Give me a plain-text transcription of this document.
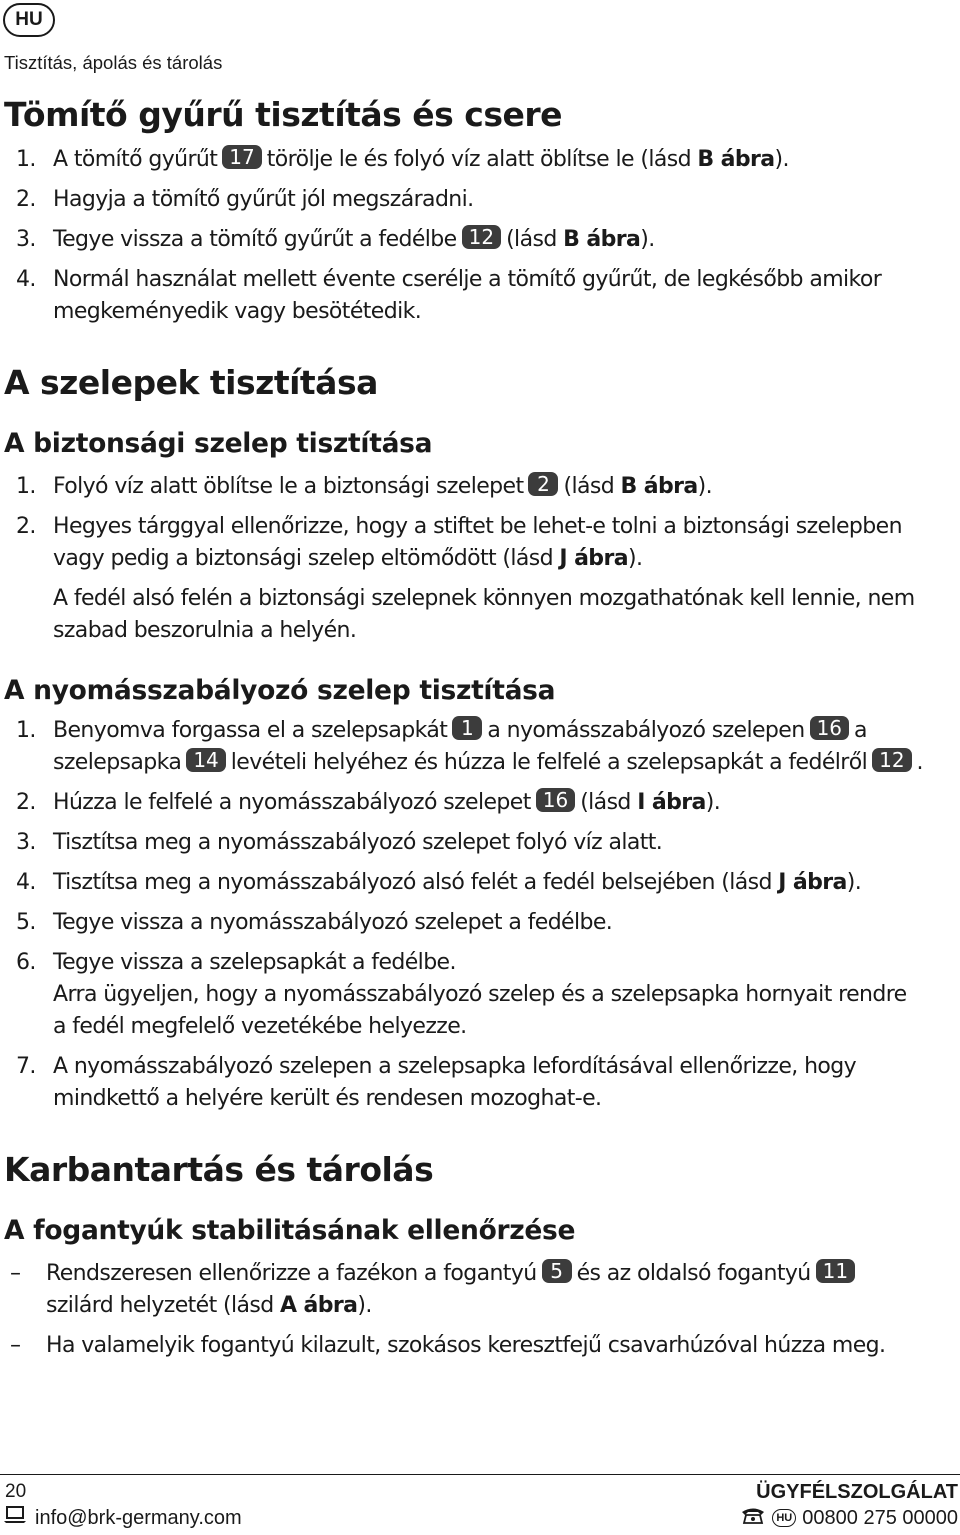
HU
Tisztítás, ápolás és tárolás
Tömítő gyűrű tisztítás és csere
1. A tömítő gyűrűt 17 törölje le és folyó víz alatt öblítse le (lásd B ábra).
2. Hagyja a tömítő gyűrűt jól megszáradni.
3. Tegye vissza a tömítő gyűrűt a fedélbe 12 (lásd B ábra).
4. Normál használat mellett évente cserélje a tömítő gyűrűt, de legkésőbb amikor
megkeményedik vagy besötétedik.
A szelepek tisztítása
A biztonsági szelep tisztítása
1. Folyó víz alatt öblítse le a biztonsági szelepet 2 (lásd B ábra).
2. Hegyes tárggyal ellenőrizze, hogy a stiftet be lehet-e tolni a biztonsági szelepben
vagy pedig a biztonsági szelep eltömődött (lásd J ábra).
A fedél alsó felén a biztonsági szelepnek könnyen mozgathatónak kell lennie, nem
szabad beszorulnia a helyén.
A nyomásszabályozó szelep tisztítása
1. Benyomva forgassa el a szelepsapkát 1 a nyomásszabályozó szelepen 16 a
szelepsapka 14 levételi helyéhez és húzza le felfelé a szelepsapkát a fedélről 12 .
2. Húzza le felfelé a nyomásszabályozó szelepet 16 (lásd I ábra).
3. Tisztítsa meg a nyomásszabályozó szelepet folyó víz alatt.
4. Tisztítsa meg a nyomásszabályozó alsó felét a fedél belsejében (lásd J ábra).
5. Tegye vissza a nyomásszabályozó szelepet a fedélbe.
6. Tegye vissza a szelepsapkát a fedélbe.
Arra ügyeljen, hogy a nyomásszabályozó szelep és a szelepsapka hornyait rendre
a fedél megfelelő vezetékébe helyezze.
7. A nyomásszabályozó szelepen a szelepsapka lefordításával ellenőrizze, hogy
mindkettő a helyére került és rendesen mozoghat-e.
Karbantartás és tárolás
A fogantyúk stabilitásának ellenőrzése
– Rendszeresen ellenőrizze a fazékon a fogantyú 5 és az oldalsó fogantyú 11
szilárd helyzetét (lásd A ábra).
– Ha valamelyik fogantyú kilazult, szokásos keresztfejű csavarhúzóval húzza meg.
20
info@brk-germany.com
ÜGYFÉLSZOLGÁLAT
HU 00800 275 00000
